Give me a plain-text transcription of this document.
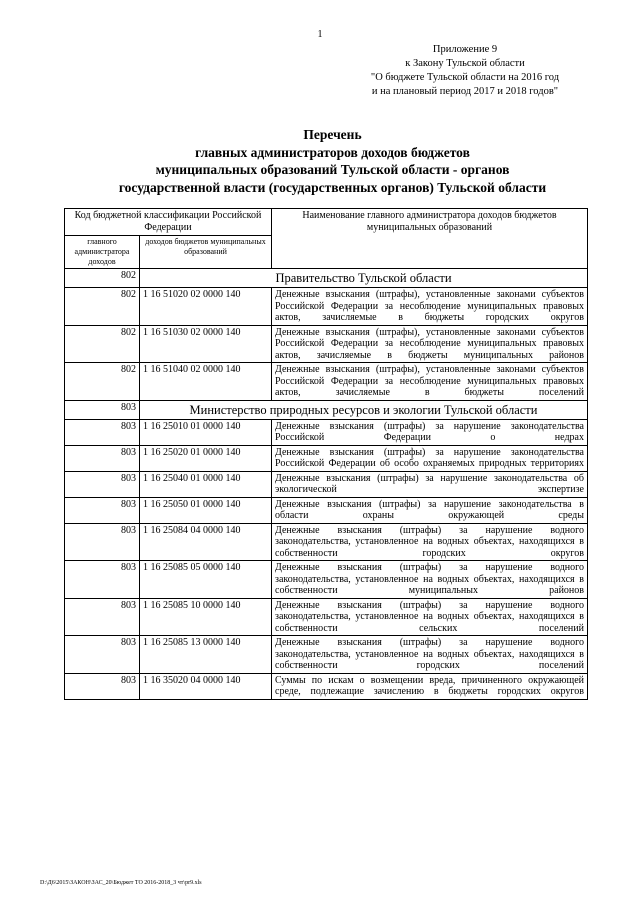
1
Приложение 9
к Закону Тульской области
"О бюджете Тульской области на 2016 год
и на плановый период 2017 и 2018 годов"
Перечень
главных администраторов доходов бюджетов
муниципальных образований Тульской области - органов
государственной власти (государственных органов) Тульской области
Код бюджетной классификации Российской Федерации		Наименование главного администратора доходов бюджетов муниципальных образований
главного администратора доходов	доходов бюджетов муниципальных образований	
802	Правительство Тульской области	
802	1 16 51020 02 0000 140	Денежные взыскания (штрафы), установленные законами субъектов Российской Федерации за несоблюдение муниципальных правовых актов, зачисляемые в бюджеты городских округов
802	1 16 51030 02 0000 140	Денежные взыскания (штрафы), установленные законами субъектов Российской Федерации за несоблюдение муниципальных правовых актов, зачисляемые в бюджеты муниципальных районов
802	1 16 51040 02 0000 140	Денежные взыскания (штрафы), установленные законами субъектов Российской Федерации за несоблюдение муниципальных правовых актов, зачисляемые в бюджеты поселений
803	Министерство природных ресурсов и экологии Тульской области	
803	1 16 25010 01 0000 140	Денежные взыскания (штрафы) за нарушение законодательства Российской Федерации о недрах
803	1 16 25020 01 0000 140	Денежные взыскания (штрафы) за нарушение законодательства Российской Федерации об особо охраняемых природных территориях
803	1 16 25040 01 0000 140	Денежные взыскания (штрафы) за нарушение законодательства об экологической экспертизе
803	1 16 25050 01 0000 140	Денежные взыскания (штрафы) за нарушение законодательства в области охраны окружающей среды
803	1 16 25084 04 0000 140	Денежные взыскания (штрафы) за нарушение водного законодательства, установленное на водных объектах, находящихся в собственности городских округов
803	1 16 25085 05 0000 140	Денежные взыскания (штрафы) за нарушение водного законодательства, установленное на водных объектах, находящихся в собственности муниципальных районов
803	1 16 25085 10 0000 140	Денежные взыскания (штрафы) за нарушение водного законодательства, установленное на водных объектах, находящихся в собственности сельских поселений
803	1 16 25085 13 0000 140	Денежные взыскания (штрафы) за нарушение водного законодательства, установленное на водных объектах, находящихся в собственности городских поселений
803	1 16 35020 04 0000 140	Суммы по искам о возмещении вреда, причиненного окружающей среде, подлежащие зачислению в бюджеты городских округов
D:\Д6\2015\ЗАКОН\ЗАС_20\Бюджет ТО 2016-2018_3 чт\pr9.xls
